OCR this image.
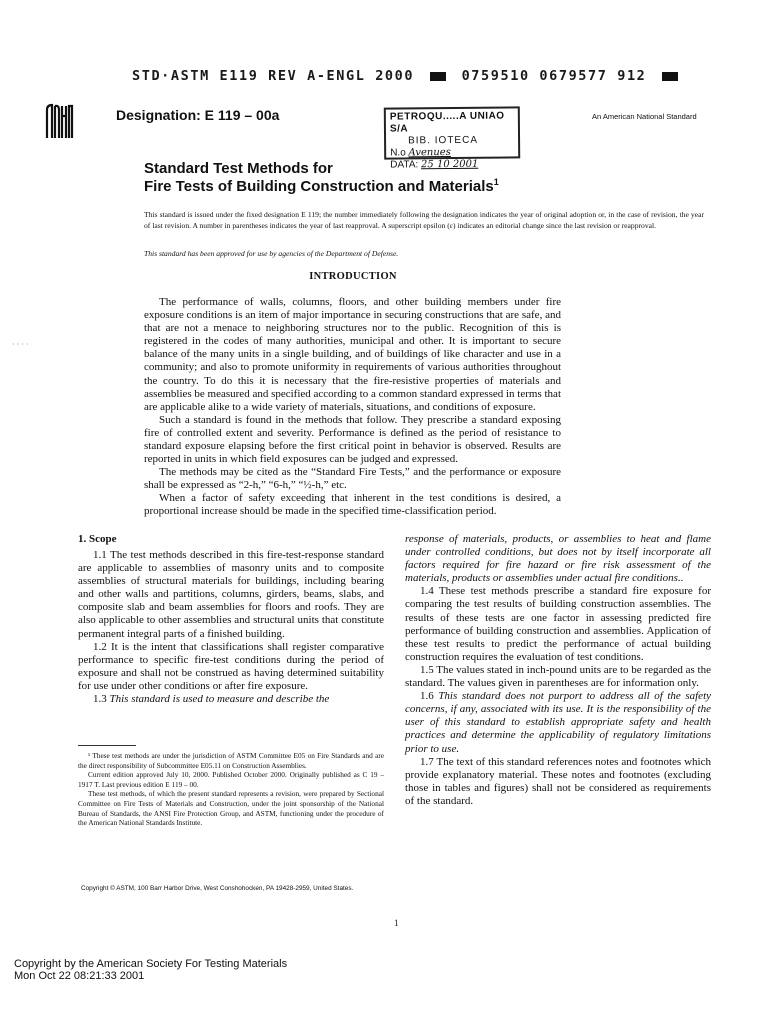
STD·ASTM E119 REV A-ENGL 2000	0759510 0679577 912
Designation: E 119 – 00a	PETROQU.....A UNIAO S/A
BIB. IOTECA
N.o Avenues
DATA: 25 10 2001
An American National Standard
Standard Test Methods for
Fire Tests of Building Construction and Materials$^1$
This standard is issued under the fixed designation E 119; the number immediately following the designation indicates the year of original adoption or, in the case of revision, the year of last revision. A number in parentheses indicates the year of last reapproval. A superscript epsilon (ε) indicates an editorial change since the last revision or reapproval.
This standard has been approved for use by agencies of the Department of Defense.
INTRODUCTION
The performance of walls, columns, floors, and other building members under fire exposure conditions is an item of major importance in securing constructions that are safe, and that are not a menace to neighboring structures nor to the public. Recognition of this is registered in the codes of many authorities, municipal and other. It is important to secure balance of the many units in a single building, and of buildings of like character and use in a community; and also to promote uniformity in requirements of various authorities throughout the country. To do this it is necessary that the fire-resistive properties of materials and assemblies be measured and specified according to a common standard expressed in terms that are applicable alike to a wide variety of materials, situations, and conditions of exposure.
Such a standard is found in the methods that follow. They prescribe a standard exposing fire of controlled extent and severity. Performance is defined as the period of resistance to standard exposure elapsing before the first critical point in behavior is observed. Results are reported in units in which field exposures can be judged and expressed.
The methods may be cited as the “Standard Fire Tests,” and the performance or exposure shall be expressed as “2-h,” “6-h,” “½-h,” etc.
When a factor of safety exceeding that inherent in the test conditions is desired, a proportional increase should be made in the specified time-classification period.
· · · ·
1. Scope

1.1 The test methods described in this fire-test-response standard are applicable to assemblies of masonry units and to composite assemblies of structural materials for buildings, including bearing and other walls and partitions, columns, girders, beams, slabs, and composite slab and beam assemblies for floors and roofs. They are also applicable to other assemblies and structural units that constitute permanent integral parts of a finished building.

1.2 It is the intent that classifications shall register comparative performance to specific fire-test conditions during the period of exposure and shall not be construed as having determined suitability for use under other conditions or after fire exposure.

1.3 This standard is used to measure and describe the

¹ These test methods are under the jurisdiction of ASTM Committee E05 on Fire Standards and are the direct responsibility of Subcommittee E05.11 on Construction Assemblies.

Current edition approved July 10, 2000. Published October 2000. Originally published as C 19 – 1917 T. Last previous edition E 119 – 00.

These test methods, of which the present standard represents a revision, were prepared by Sectional Committee on Fire Tests of Materials and Construction, under the joint sponsorship of the National Bureau of Standards, the ANSI Fire Protection Group, and ASTM, functioning under the procedure of the American National Standards Institute.

response of materials, products, or assemblies to heat and flame under controlled conditions, but does not by itself incorporate all factors required for fire hazard or fire risk assessment of the materials, products or assemblies under actual fire conditions..

1.4 These test methods prescribe a standard fire exposure for comparing the test results of building construction assemblies. The results of these tests are one factor in assessing predicted fire performance of building construction and assemblies. Application of these test results to predict the performance of actual building construction requires the evaluation of test conditions.

1.5 The values stated in inch-pound units are to be regarded as the standard. The values given in parentheses are for information only.

1.6 This standard does not purport to address all of the safety concerns, if any, associated with its use. It is the responsibility of the user of this standard to establish appropriate safety and health practices and determine the applicability of regulatory limitations prior to use.

1.7 The text of this standard references notes and footnotes which provide explanatory material. These notes and footnotes (excluding those in tables and figures) shall not be considered as requirements of the standard.

Copyright © ASTM, 100 Barr Harbor Drive, West Conshohocken, PA 19428-2959, United States.
1
Copyright by the American Society For Testing Materials
Mon Oct 22 08:21:33 2001
